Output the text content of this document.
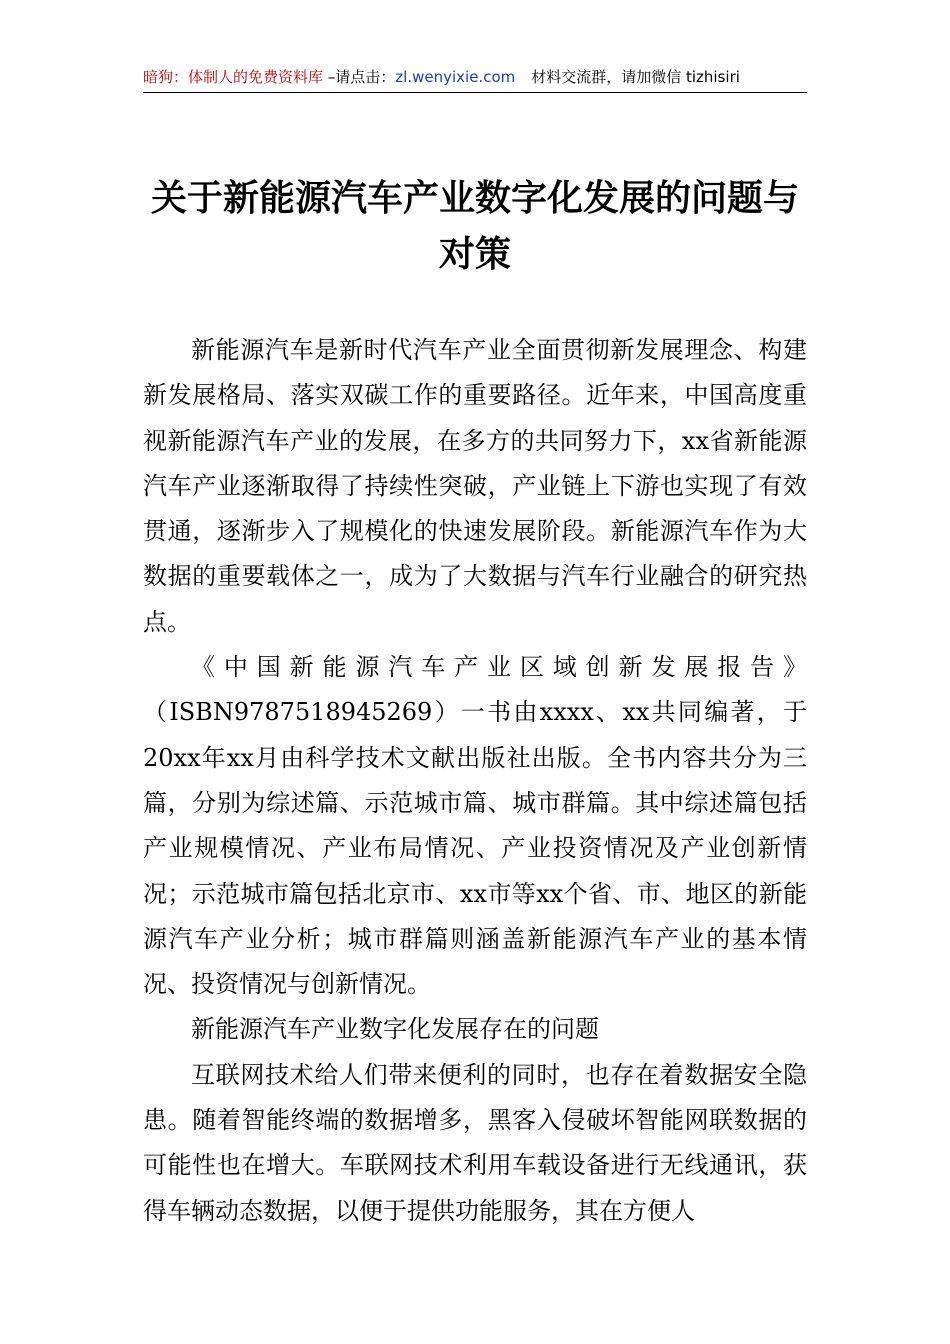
暗狗：体制人的免费资料库 –请点击：zl.wenyixie.com 材料交流群，请加微信 tizhisiri
关于新能源汽车产业数字化发展的问题与对策

新能源汽车是新时代汽车产业全面贯彻新发展理念、构建新发展格局、落实双碳工作的重要路径。近年来，中国高度重视新能源汽车产业的发展，在多方的共同努力下，xx省新能源汽车产业逐渐取得了持续性突破，产业链上下游也实现了有效贯通，逐渐步入了规模化的快速发展阶段。新能源汽车作为大数据的重要载体之一，成为了大数据与汽车行业融合的研究热点。

《中国新能源汽车产业区域创新发展报告》（ISBN9787518945269）一书由xxxx、xx共同编著，于20xx年xx月由科学技术文献出版社出版。全书内容共分为三篇，分别为综述篇、示范城市篇、城市群篇。其中综述篇包括产业规模情况、产业布局情况、产业投资情况及产业创新情况；示范城市篇包括北京市、xx市等xx个省、市、地区的新能源汽车产业分析；城市群篇则涵盖新能源汽车产业的基本情况、投资情况与创新情况。

新能源汽车产业数字化发展存在的问题

互联网技术给人们带来便利的同时，也存在着数据安全隐患。随着智能终端的数据增多，黑客入侵破坏智能网联数据的可能性也在增大。车联网技术利用车载设备进行无线通讯，获得车辆动态数据，以便于提供功能服务，其在方便人
